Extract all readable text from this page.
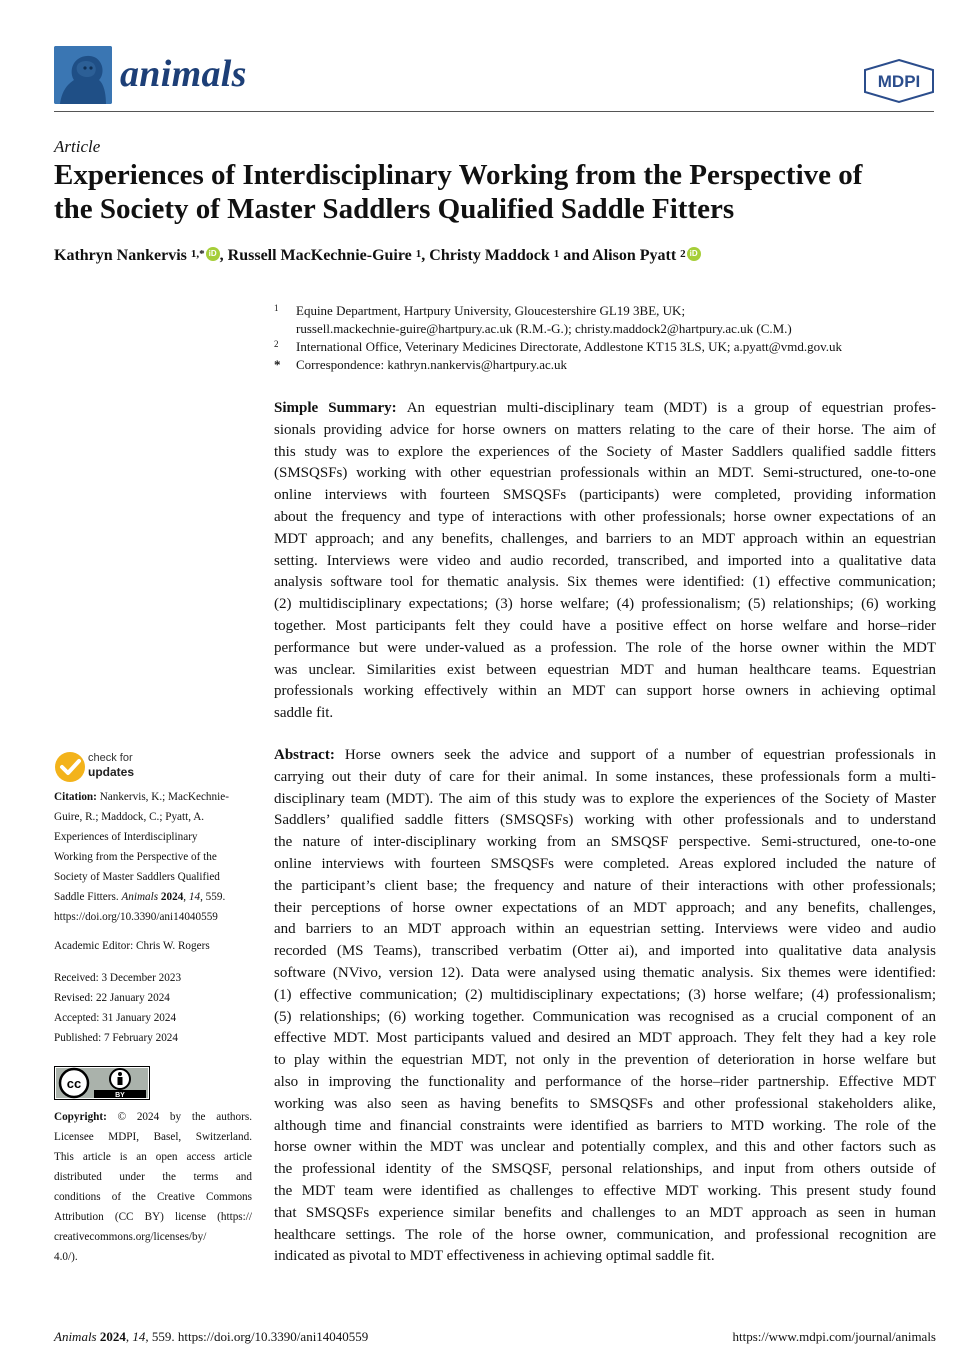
animals	MDPI
Article
Experiences of Interdisciplinary Working from the Perspective of
the Society of Master Saddlers Qualified Saddle Fitters
Kathryn Nankervis $^{1,*}$ iD , Russell MacKechnie-Guire $^1$, Christy Maddock $^1$ and Alison Pyatt $^2$ iD
1 Equine Department, Hartpury University, Gloucestershire GL19 3BE, UK;
russell.mackechnie-guire@hartpury.ac.uk (R.M.-G.); christy.maddock2@hartpury.ac.uk (C.M.)
2 International Office, Veterinary Medicines Directorate, Addlestone KT15 3LS, UK; a.pyatt@vmd.gov.uk
* Correspondence: kathryn.nankervis@hartpury.ac.uk
Simple Summary: An equestrian multi-disciplinary team (MDT) is a group of equestrian profes-
sionals providing advice for horse owners on matters relating to the care of their horse. The aim of
this study was to explore the experiences of the Society of Master Saddlers qualified saddle fitters
(SMSQSFs) working with other equestrian professionals within an MDT. Semi-structured, one-to-one
online interviews with fourteen SMSQSFs (participants) were completed, providing information
about the frequency and type of interactions with other professionals; horse owner expectations of an
MDT approach; and any benefits, challenges, and barriers to an MDT approach within an equestrian
setting. Interviews were video and audio recorded, transcribed, and imported into a qualitative data
analysis software tool for thematic analysis. Six themes were identified: (1) effective communication;
(2) multidisciplinary expectations; (3) horse welfare; (4) professionalism; (5) relationships; (6) working
together. Most participants felt they could have a positive effect on horse welfare and horse–rider
performance but were under-valued as a profession. The role of the horse owner within the MDT
was unclear. Similarities exist between equestrian MDT and human healthcare teams. Equestrian
professionals working effectively within an MDT can support horse owners in achieving optimal
saddle fit.
Abstract: Horse owners seek the advice and support of a number of equestrian professionals in
carrying out their duty of care for their animal. In some instances, these professionals form a multi-
disciplinary team (MDT). The aim of this study was to explore the experiences of the Society of Master
Saddlers’ qualified saddle fitters (SMSQSFs) working with other professionals and to understand
the nature of inter-disciplinary working from an SMSQSF perspective. Semi-structured, one-to-one
online interviews with fourteen SMSQSFs were completed. Areas explored included the nature of
the participant’s client base; the frequency and nature of their interactions with other professionals;
their perceptions of horse owner expectations of an MDT approach; and any benefits, challenges,
and barriers to an MDT approach within an equestrian setting. Interviews were video and audio
recorded (MS Teams), transcribed verbatim (Otter ai), and imported into qualitative data analysis
software (NVivo, version 12). Data were analysed using thematic analysis. Six themes were identified:
(1) effective communication; (2) multidisciplinary expectations; (3) horse welfare; (4) professionalism;
(5) relationships; (6) working together. Communication was recognised as a crucial component of an
effective MDT. Most participants valued and desired an MDT approach. They felt they had a key role
to play within the equestrian MDT, not only in the prevention of deterioration in horse welfare but
also in improving the functionality and performance of the horse–rider partnership. Effective MDT
working was also seen as having benefits to SMSQSFs and other professional stakeholders alike,
although time and financial constraints were identified as barriers to MTD working. The role of the
horse owner within the MDT was unclear and potentially complex, and this and other factors such as
the professional identity of the SMSQSF, personal relationships, and input from others outside of
the MDT team were identified as challenges to effective MDT working. This present study found
that SMSQSFs experience similar benefits and challenges to an MDT approach as seen in human
healthcare settings. The role of the horse owner, communication, and professional recognition are
indicated as pivotal to MDT effectiveness in achieving optimal saddle fit.
check for
updates
Citation: Nankervis, K.; MacKechnie-
Guire, R.; Maddock, C.; Pyatt, A.
Experiences of Interdisciplinary
Working from the Perspective of the
Society of Master Saddlers Qualified
Saddle Fitters. Animals 2024, 14, 559.
https://doi.org/10.3390/ani14040559
Academic Editor: Chris W. Rogers
Received: 3 December 2023
Revised: 22 January 2024
Accepted: 31 January 2024
Published: 7 February 2024
cc
BY
Copyright: © 2024 by the authors.
Licensee MDPI, Basel, Switzerland.
This article is an open access article
distributed under the terms and
conditions of the Creative Commons
Attribution (CC BY) license (https://
creativecommons.org/licenses/by/
4.0/).
Animals 2024, 14, 559. https://doi.org/10.3390/ani14040559	https://www.mdpi.com/journal/animals
